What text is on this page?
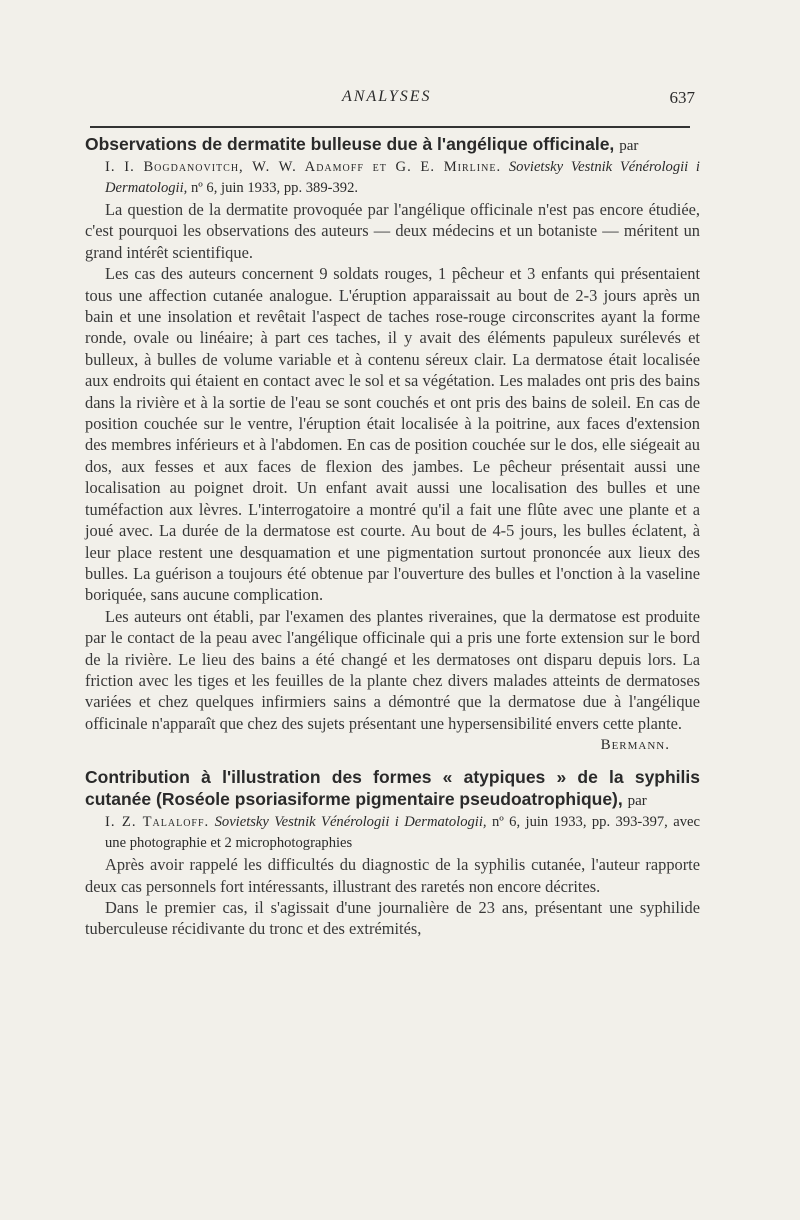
ANALYSES	637

Observations de dermatite bulleuse due à l'angélique officinale, par

I. I. Bogdanovitch, W. W. Adamoff et G. E. Mirline. Sovietsky Vestnik Vénérologii i Dermatologii, nº 6, juin 1933, pp. 389-392.

La question de la dermatite provoquée par l'angélique officinale n'est pas encore étudiée, c'est pourquoi les observations des auteurs — deux médecins et un botaniste — méritent un grand intérêt scientifique.

Les cas des auteurs concernent 9 soldats rouges, 1 pêcheur et 3 enfants qui présentaient tous une affection cutanée analogue. L'éruption apparaissait au bout de 2-3 jours après un bain et une insolation et revêtait l'aspect de taches rose-rouge circonscrites ayant la forme ronde, ovale ou linéaire; à part ces taches, il y avait des éléments papuleux surélevés et bulleux, à bulles de volume variable et à contenu séreux clair. La dermatose était localisée aux endroits qui étaient en contact avec le sol et sa végétation. Les malades ont pris des bains dans la rivière et à la sortie de l'eau se sont couchés et ont pris des bains de soleil. En cas de position couchée sur le ventre, l'éruption était localisée à la poitrine, aux faces d'extension des membres inférieurs et à l'abdomen. En cas de position couchée sur le dos, elle siégeait au dos, aux fesses et aux faces de flexion des jambes. Le pêcheur présentait aussi une localisation au poignet droit. Un enfant avait aussi une localisation des bulles et une tuméfaction aux lèvres. L'interrogatoire a montré qu'il a fait une flûte avec une plante et a joué avec. La durée de la dermatose est courte. Au bout de 4-5 jours, les bulles éclatent, à leur place restent une desquamation et une pigmentation surtout prononcée aux lieux des bulles. La guérison a toujours été obtenue par l'ouverture des bulles et l'onction à la vaseline boriquée, sans aucune complication.

Les auteurs ont établi, par l'examen des plantes riveraines, que la dermatose est produite par le contact de la peau avec l'angélique officinale qui a pris une forte extension sur le bord de la rivière. Le lieu des bains a été changé et les dermatoses ont disparu depuis lors. La friction avec les tiges et les feuilles de la plante chez divers malades atteints de dermatoses variées et chez quelques infirmiers sains a démontré que la dermatose due à l'angélique officinale n'apparaît que chez des sujets présentant une hypersensibilité envers cette plante.

Bermann.

Contribution à l'illustration des formes « atypiques » de la syphilis cutanée (Roséole psoriasiforme pigmentaire pseudoatrophique), par

I. Z. Talaloff. Sovietsky Vestnik Vénérologii i Dermatologii, nº 6, juin 1933, pp. 393-397, avec une photographie et 2 microphotographies

Après avoir rappelé les difficultés du diagnostic de la syphilis cutanée, l'auteur rapporte deux cas personnels fort intéressants, illustrant des raretés non encore décrites.

Dans le premier cas, il s'agissait d'une journalière de 23 ans, présentant une syphilide tuberculeuse récidivante du tronc et des extrémités,
